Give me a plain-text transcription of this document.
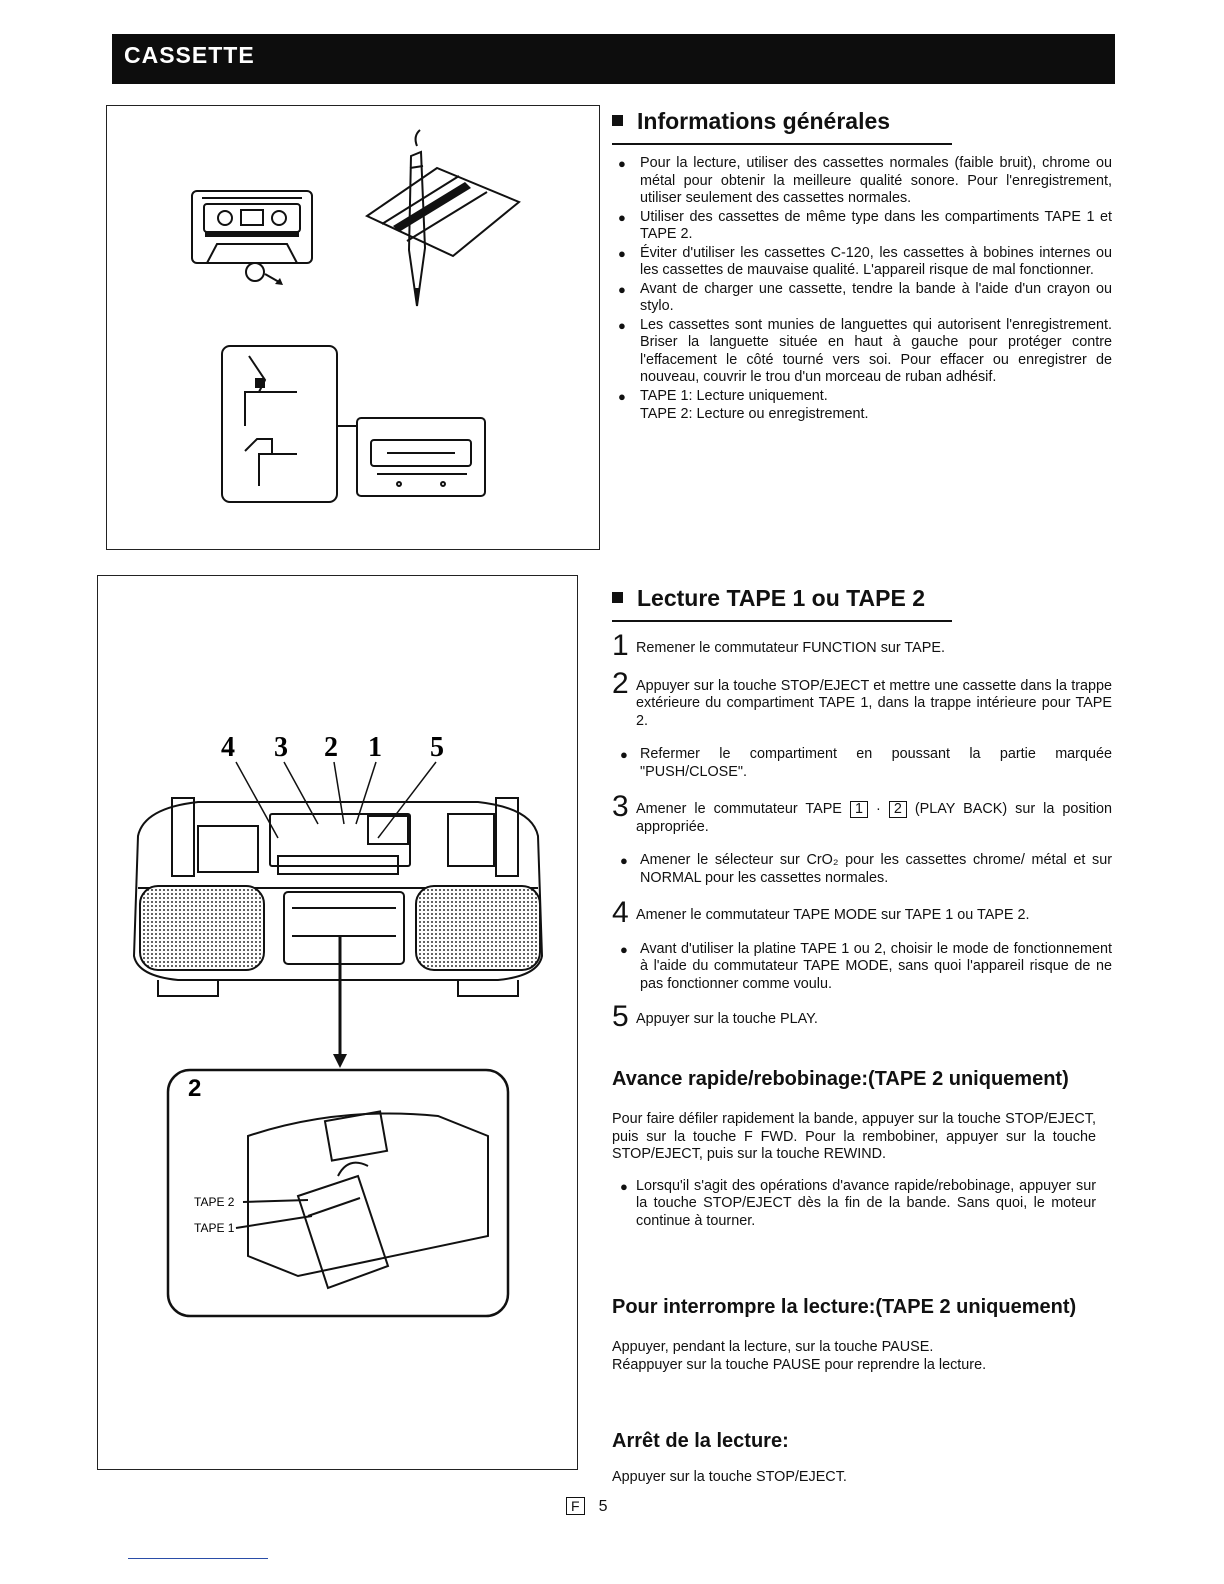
CASSETTE
4 3 2 1 5
2
TAPE 2
TAPE 1
Informations générales
● Pour la lecture, utiliser des cassettes normales (faible bruit), chrome ou métal pour obtenir la meilleure qualité sonore. Pour l'enregistrement, utiliser seulement des cassettes normales.
● Utiliser des cassettes de même type dans les compartiments TAPE 1 et TAPE 2.
● Éviter d'utiliser les cassettes C-120, les cassettes à bobines internes ou les cassettes de mauvaise qualité. L'appareil risque de mal fonctionner.
● Avant de charger une cassette, tendre la bande à l'aide d'un crayon ou stylo.
● Les cassettes sont munies de languettes qui autorisent l'enregistrement. Briser la languette située en haut à gauche pour protéger contre l'effacement le côté tourné vers soi. Pour effacer ou enregistrer de nouveau, couvrir le trou d'un morceau de ruban adhésif.
● TAPE 1: Lecture uniquement.
TAPE 2: Lecture ou enregistrement.
Lecture TAPE 1 ou TAPE 2
1 Remener le commutateur FUNCTION sur TAPE.
2 Appuyer sur la touche STOP/EJECT et mettre une cassette dans la trappe extérieure du compartiment TAPE 1, dans la trappe intérieure pour TAPE 2.
● Refermer le compartiment en poussant la partie marquée "PUSH/CLOSE".
3 Amener le commutateur TAPE 1 · 2 (PLAY BACK) sur la position appropriée.
● Amener le sélecteur sur CrO₂ pour les cassettes chrome/ métal et sur NORMAL pour les cassettes normales.
4 Amener le commutateur TAPE MODE sur TAPE 1 ou TAPE 2.
● Avant d'utiliser la platine TAPE 1 ou 2, choisir le mode de fonctionnement à l'aide du commutateur TAPE MODE, sans quoi l'appareil risque de ne pas fonctionner comme voulu.
5 Appuyer sur la touche PLAY.
Avance rapide/rebobinage:(TAPE 2 uniquement)
Pour faire défiler rapidement la bande, appuyer sur la touche STOP/EJECT, puis sur la touche F FWD. Pour la rembobiner, appuyer sur la touche STOP/EJECT, puis sur la touche REWIND.
● Lorsqu'il s'agit des opérations d'avance rapide/rebobinage, appuyer sur la touche STOP/EJECT dès la fin de la bande. Sans quoi, le moteur continue à tourner.
Pour interrompre la lecture:(TAPE 2 uniquement)
Appuyer, pendant la lecture, sur la touche PAUSE.
Réappuyer sur la touche PAUSE pour reprendre la lecture.
Arrêt de la lecture:
Appuyer sur la touche STOP/EJECT.
F 5
